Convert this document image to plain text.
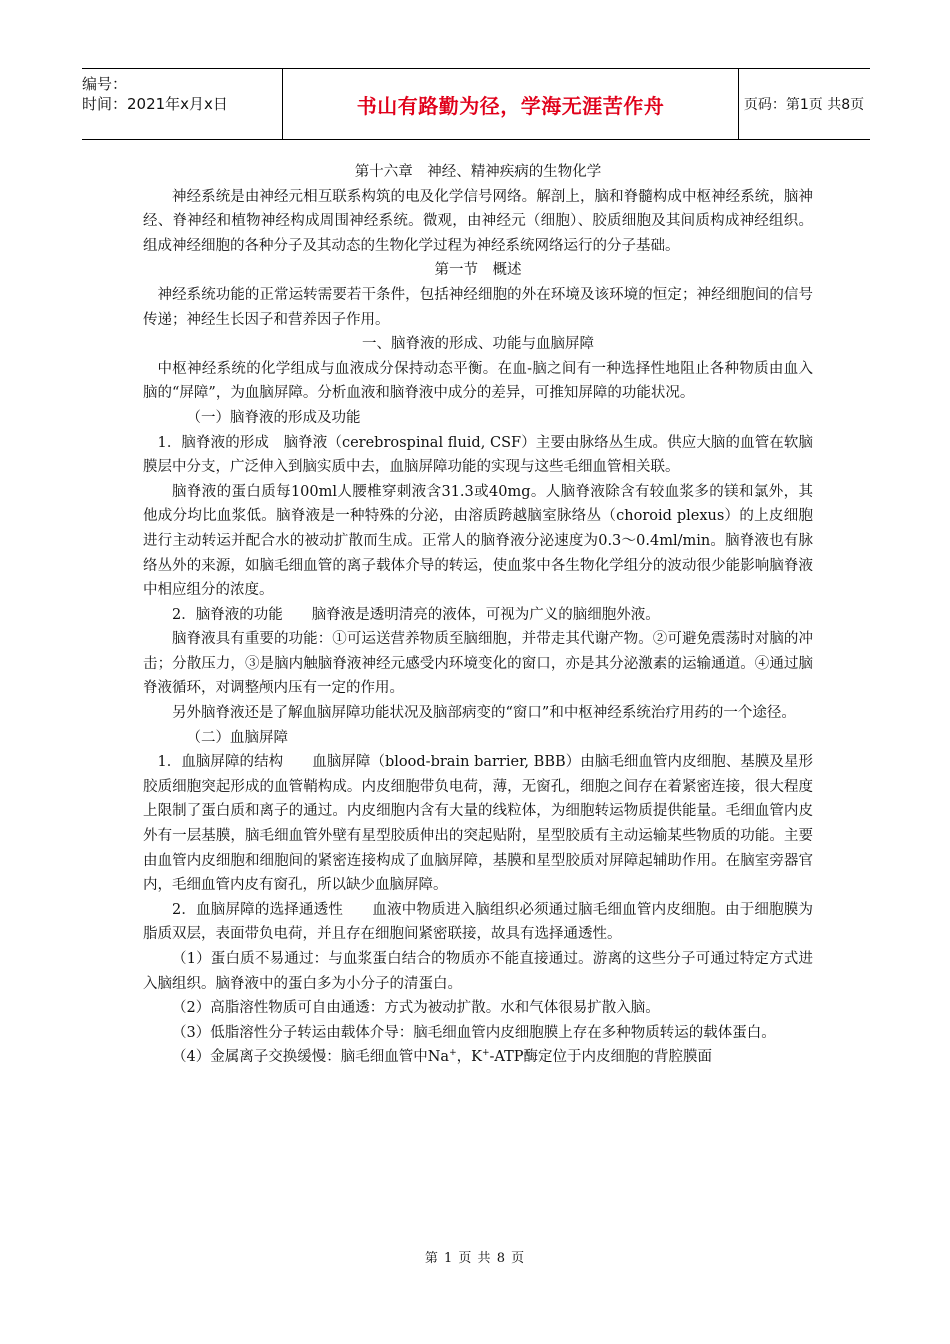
编号：
时间：2021年x月x日	书山有路勤为径，学海无涯苦作舟	页码：第1页 共8页

第十六章　神经、精神疾病的生物化学

神经系统是由神经元相互联系构筑的电及化学信号网络。解剖上，脑和脊髓构成中枢神经系统，脑神经、脊神经和植物神经构成周围神经系统。微观，由神经元（细胞）、胶质细胞及其间质构成神经组织。组成神经细胞的各种分子及其动态的生物化学过程为神经系统网络运行的分子基础。

第一节　概述

神经系统功能的正常运转需要若干条件，包括神经细胞的外在环境及该环境的恒定；神经细胞间的信号传递；神经生长因子和营养因子作用。

一、脑脊液的形成、功能与血脑屏障

中枢神经系统的化学组成与血液成分保持动态平衡。在血-脑之间有一种选择性地阻止各种物质由血入脑的“屏障”，为血脑屏障。分析血液和脑脊液中成分的差异，可推知屏障的功能状况。

（一）脑脊液的形成及功能

1．脑脊液的形成　脑脊液（cerebrospinal fluid, CSF）主要由脉络丛生成。供应大脑的血管在软脑膜层中分支，广泛伸入到脑实质中去，血脑屏障功能的实现与这些毛细血管相关联。

脑脊液的蛋白质每100ml人腰椎穿刺液含31.3或40mg。人脑脊液除含有较血浆多的镁和氯外，其他成分均比血浆低。脑脊液是一种特殊的分泌，由溶质跨越脑室脉络丛（choroid plexus）的上皮细胞进行主动转运并配合水的被动扩散而生成。正常人的脑脊液分泌速度为0.3～0.4ml/min。脑脊液也有脉络丛外的来源，如脑毛细血管的离子载体介导的转运，使血浆中各生物化学组分的波动很少能影响脑脊液中相应组分的浓度。

2．脑脊液的功能　　脑脊液是透明清亮的液体，可视为广义的脑细胞外液。

脑脊液具有重要的功能：①可运送营养物质至脑细胞，并带走其代谢产物。②可避免震荡时对脑的冲击；分散压力，③是脑内触脑脊液神经元感受内环境变化的窗口，亦是其分泌激素的运输通道。④通过脑脊液循环，对调整颅内压有一定的作用。

另外脑脊液还是了解血脑屏障功能状况及脑部病变的“窗口”和中枢神经系统治疗用药的一个途径。

（二）血脑屏障

1．血脑屏障的结构　　血脑屏障（blood-brain barrier, BBB）由脑毛细血管内皮细胞、基膜及星形胶质细胞突起形成的血管鞘构成。内皮细胞带负电荷，薄，无窗孔，细胞之间存在着紧密连接，很大程度上限制了蛋白质和离子的通过。内皮细胞内含有大量的线粒体，为细胞转运物质提供能量。毛细血管内皮外有一层基膜，脑毛细血管外壁有星型胶质伸出的突起贴附，星型胶质有主动运输某些物质的功能。主要由血管内皮细胞和细胞间的紧密连接构成了血脑屏障，基膜和星型胶质对屏障起辅助作用。在脑室旁器官内，毛细血管内皮有窗孔，所以缺少血脑屏障。

2．血脑屏障的选择通透性　　血液中物质进入脑组织必须通过脑毛细血管内皮细胞。由于细胞膜为脂质双层，表面带负电荷，并且存在细胞间紧密联接，故具有选择通透性。

（1）蛋白质不易通过：与血浆蛋白结合的物质亦不能直接通过。游离的这些分子可通过特定方式进入脑组织。脑脊液中的蛋白多为小分子的清蛋白。

（2）高脂溶性物质可自由通透：方式为被动扩散。水和气体很易扩散入脑。

（3）低脂溶性分子转运由载体介导：脑毛细血管内皮细胞膜上存在多种物质转运的载体蛋白。

（4）金属离子交换缓慢：脑毛细血管中Na+，K+-ATP酶定位于内皮细胞的背腔膜面

第 1 页 共 8 页
